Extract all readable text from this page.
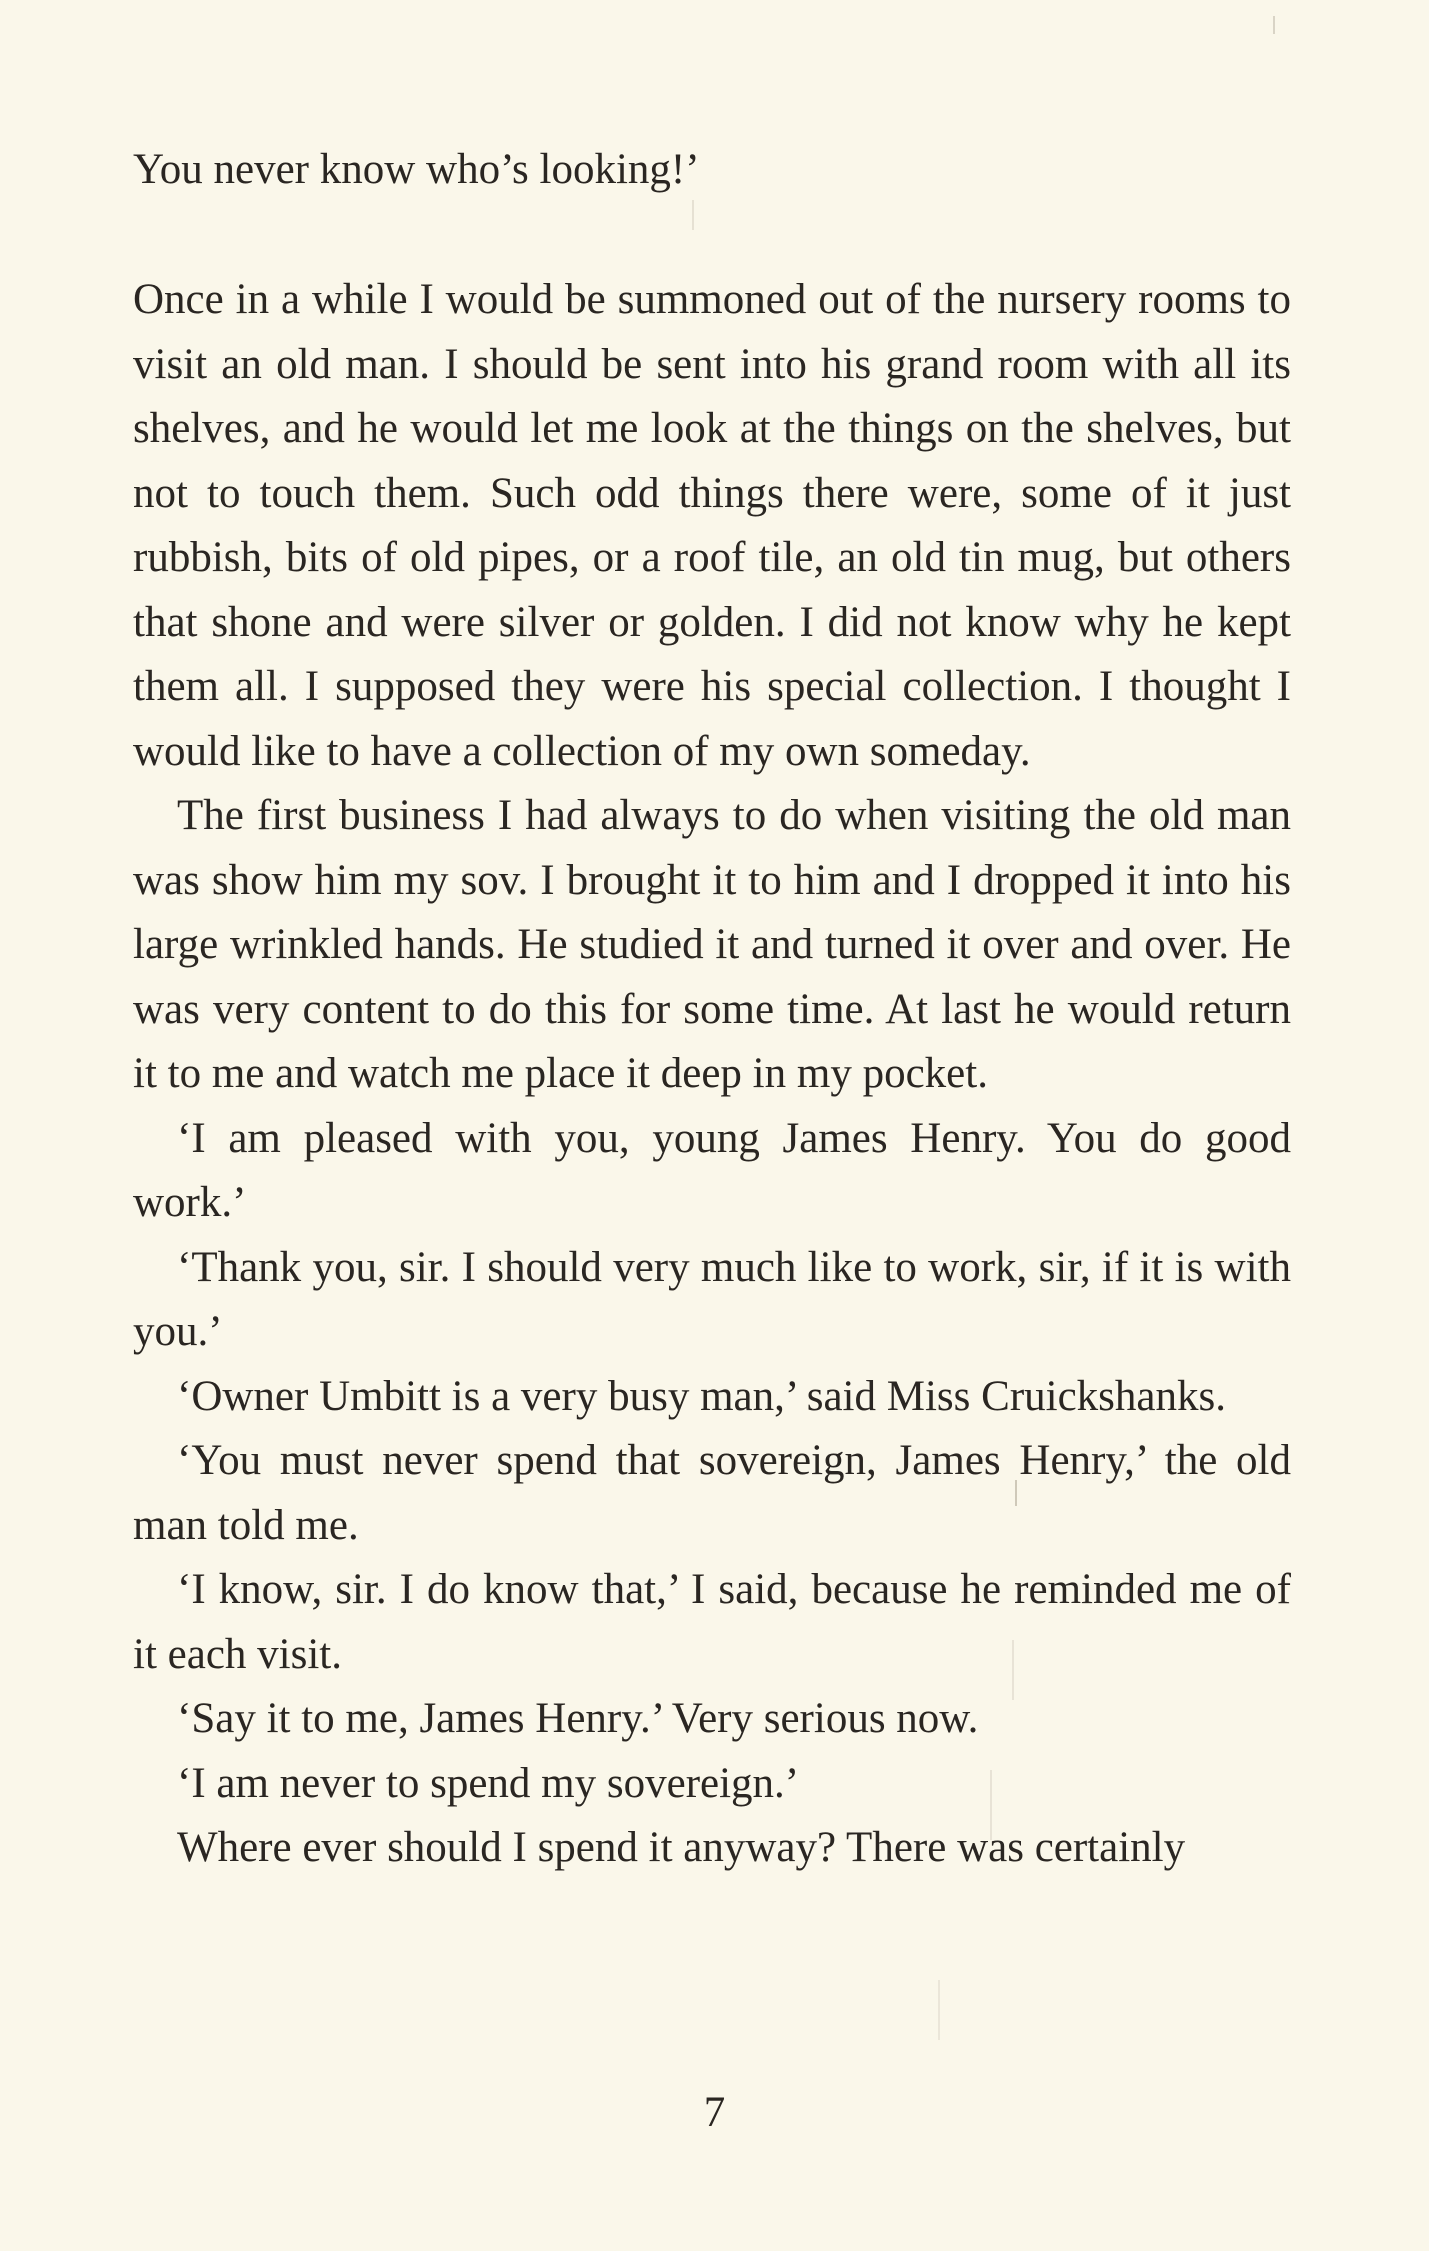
You never know who’s looking!’

Once in a while I would be summoned out of the nursery rooms to visit an old man. I should be sent into his grand room with all its shelves, and he would let me look at the things on the shelves, but not to touch them. Such odd things there were, some of it just rubbish, bits of old pipes, or a roof tile, an old tin mug, but others that shone and were silver or golden. I did not know why he kept them all. I supposed they were his special collection. I thought I would like to have a collection of my own someday.

The first business I had always to do when visiting the old man was show him my sov. I brought it to him and I dropped it into his large wrinkled hands. He studied it and turned it over and over. He was very content to do this for some time. At last he would return it to me and watch me place it deep in my pocket.

‘I am pleased with you, young James Henry. You do good work.’

‘Thank you, sir. I should very much like to work, sir, if it is with you.’

‘Owner Umbitt is a very busy man,’ said Miss Cruickshanks.

‘You must never spend that sovereign, James Henry,’ the old man told me.

‘I know, sir. I do know that,’ I said, because he reminded me of it each visit.

‘Say it to me, James Henry.’ Very serious now.

‘I am never to spend my sovereign.’

Where ever should I spend it anyway? There was certainly

7
